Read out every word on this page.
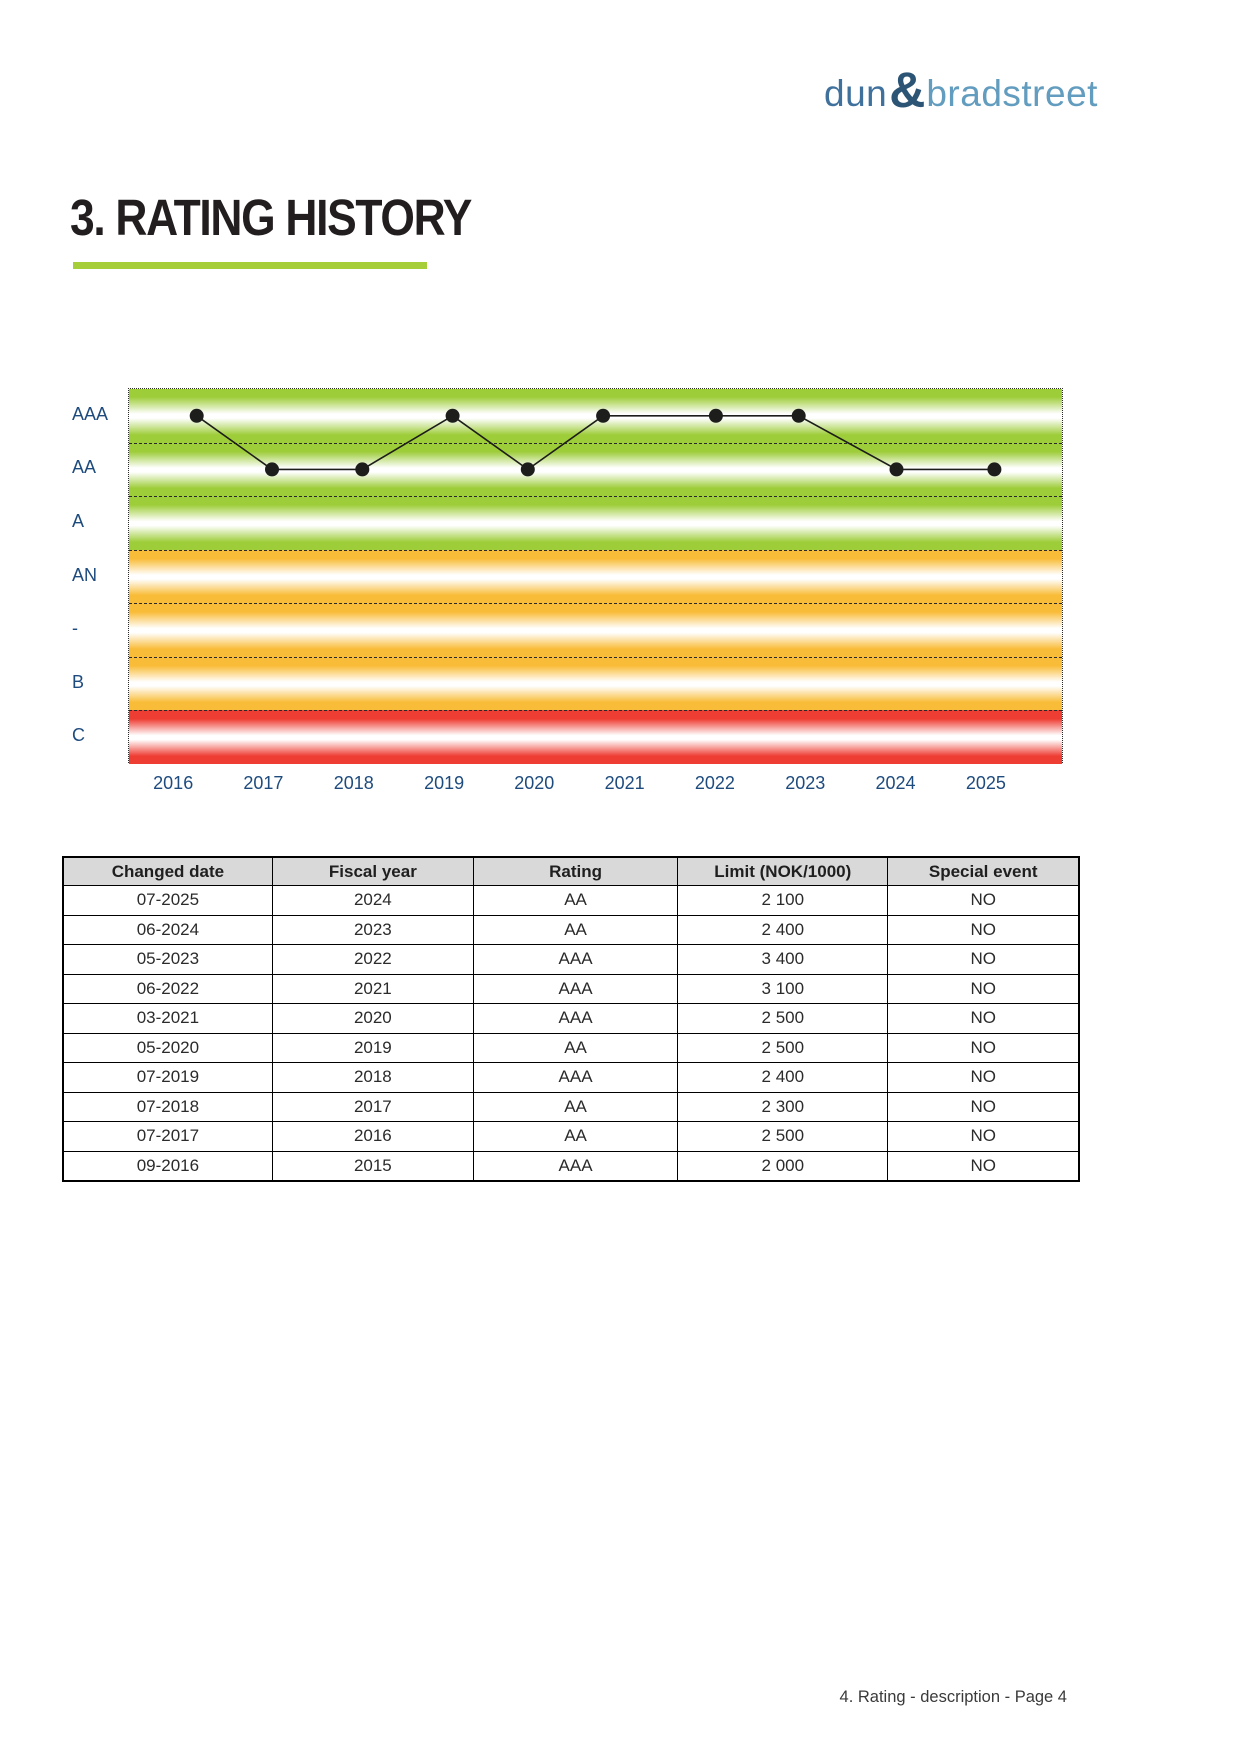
dun & bradstreet
3. RATING HISTORY
AAA
AA
A
AN
-
B
C
2016	2017	2018	2019	2020	2021	2022	2023	2024	2025
Changed date	Fiscal year	Rating	Limit (NOK/1000)	Special event
07-2025	2024	AA	2 100	NO
06-2024	2023	AA	2 400	NO
05-2023	2022	AAA	3 400	NO
06-2022	2021	AAA	3 100	NO
03-2021	2020	AAA	2 500	NO
05-2020	2019	AA	2 500	NO
07-2019	2018	AAA	2 400	NO
07-2018	2017	AA	2 300	NO
07-2017	2016	AA	2 500	NO
09-2016	2015	AAA	2 000	NO
4. Rating - description - Page 4
